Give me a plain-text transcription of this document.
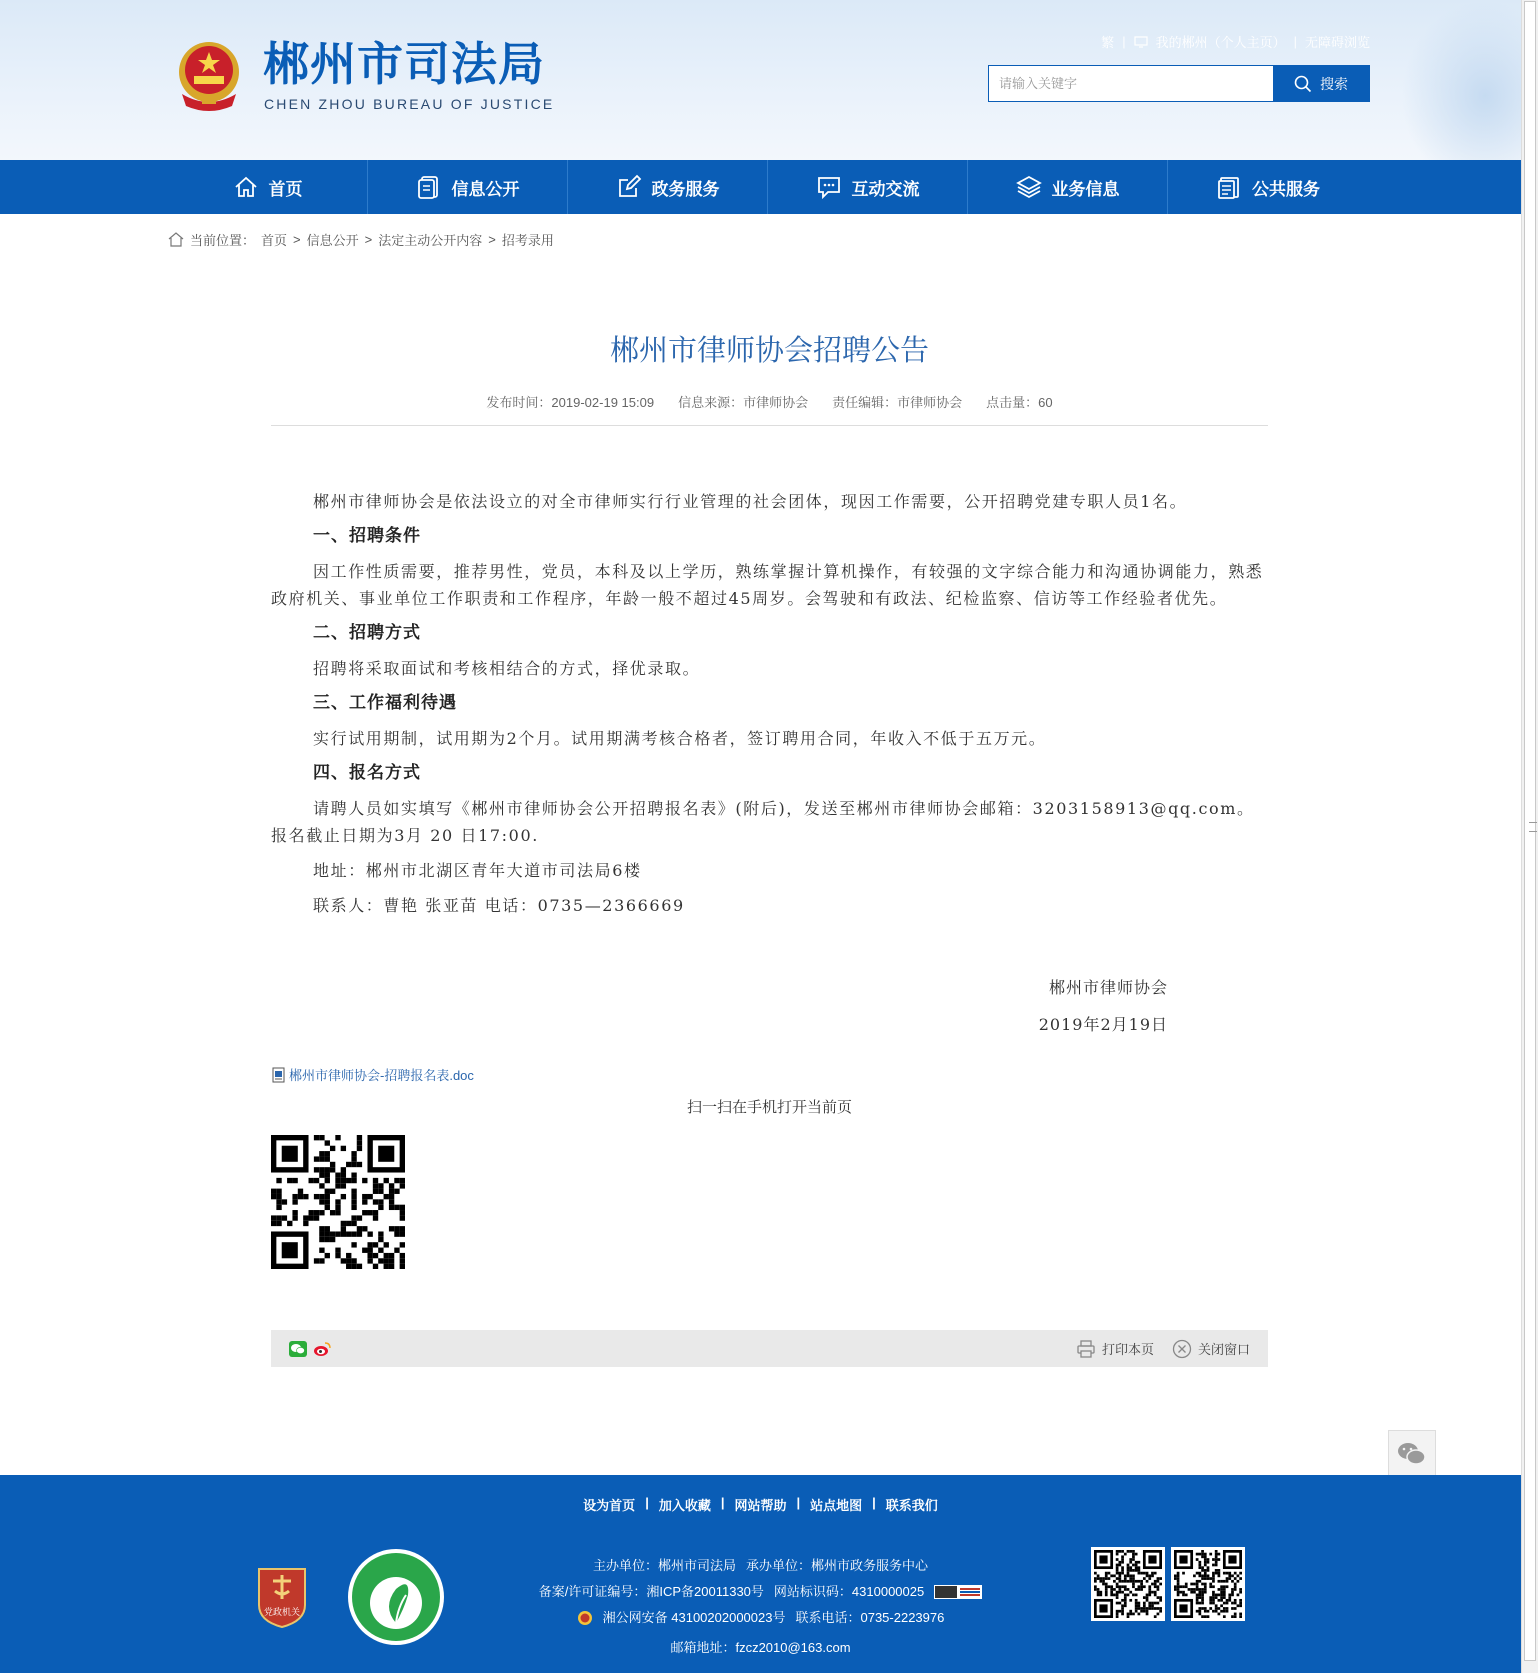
郴州市司法局
CHEN ZHOU BUREAU OF JUSTICE
繁 | 我的郴州（个人主页） | 无障碍浏览
请输入关键字	搜索
首页	信息公开	政务服务	互动交流	业务信息	公共服务
当前位置： 首页 > 信息公开 > 法定主动公开内容 > 招考录用
郴州市律师协会招聘公告
发布时间：2019-02-19 15:09 信息来源：市律师协会 责任编辑：市律师协会 点击量：60

郴州市律师协会是依法设立的对全市律师实行行业管理的社会团体，现因工作需要，公开招聘党建专职人员1名。

一、招聘条件

因工作性质需要，推荐男性，党员，本科及以上学历，熟练掌握计算机操作，有较强的文字综合能力和沟通协调能力，熟悉政府机关、事业单位工作职责和工作程序，年龄一般不超过45周岁。会驾驶和有政法、纪检监察、信访等工作经验者优先。

二、招聘方式

招聘将采取面试和考核相结合的方式，择优录取。

三、工作福利待遇

实行试用期制，试用期为2个月。试用期满考核合格者，签订聘用合同，年收入不低于五万元。

四、报名方式

请聘人员如实填写《郴州市律师协会公开招聘报名表》(附后)，发送至郴州市律师协会邮箱：3203158913@qq.com。报名截止日期为3月 20 日17:00.

地址：郴州市北湖区青年大道市司法局6楼

联系人：曹艳 张亚苗 电话：0735—2366669

郴州市律师协会
2019年2月19日
郴州市律师协会-招聘报名表.doc
扫一扫在手机打开当前页
打印本页	关闭窗口
设为首页 | 加入收藏 | 网站帮助 | 站点地图 | 联系我们
党政机关
主办单位：郴州市司法局 承办单位：郴州市政务服务中心
备案/许可证编号：湘ICP备20011330号 网站标识码：4310000025
湘公网安备 43100202000023号 联系电话：0735-2223976
邮箱地址：fzcz2010@163.com
